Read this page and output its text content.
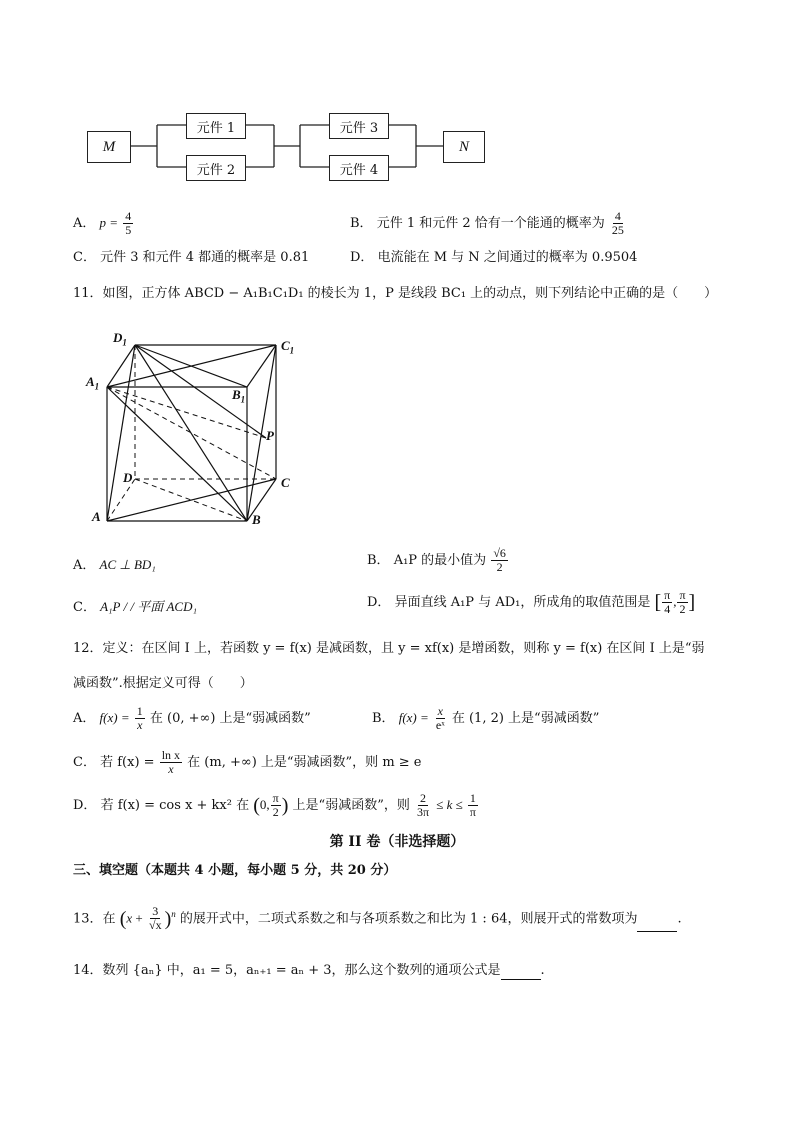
M
元件 1
元件 2
元件 3
元件 4
N
A． $p = \frac{4}{5}$	B． 元件 1 和元件 2 恰有一个能通的概率为 $\frac{4}{25}$
C． 元件 3 和元件 4 都通的概率是 0.81	D． 电流能在 M 与 N 之间通过的概率为 0.9504
11．如图，正方体 ABCD − A₁B₁C₁D₁ 的棱长为 1，P 是线段 BC₁ 上的动点，则下列结论中正确的是（　　）
$D_1$	$C_1$
$A_1$
$B_1$
P
D	C
A	B
A． AC ⊥ BD₁	B． A₁P 的最小值为 $\frac{√6}{2}$
C． A₁P / / 平面 ACD₁	D． 异面直线 A₁P 与 AD₁，所成角的取值范围是 [ $\frac{\pi}{4}$ , $\frac{\pi}{2}$ ]
12．定义：在区间 I 上，若函数 y = f(x) 是减函数，且 y = xf(x) 是增函数，则称 y = f(x) 在区间 I 上是“弱
减函数”.根据定义可得（　　）
A． $f(x) = \frac{1}{x}$ 在 (0, +∞) 上是“弱减函数”	B． $f(x) = \frac{x}{\text{eˣ}}$ 在 (1, 2) 上是“弱减函数”
C． 若 $f(x) = \frac{\text{ln x}}{x}$ 在 (m, +∞) 上是“弱减函数”，则 m ≥ e
D． 若 f(x) = cos x + kx² 在 (0, $\frac{\pi}{2}$ ) 上是“弱减函数”，则 $\frac{2}{3\pi} \le k \le \frac{1}{\pi}$
第 II 卷（非选择题）
三、填空题（本题共 4 小题，每小题 5 分，共 20 分）
13．在 $(x + \frac{3}{√x} )^n$ 的展开式中，二项式系数之和与各项系数之和比为 1 : 64，则展开式的常数项为	.
14．数列 {aₙ} 中，a₁ = 5，aₙ₊₁ = aₙ + 3，那么这个数列的通项公式是	.
